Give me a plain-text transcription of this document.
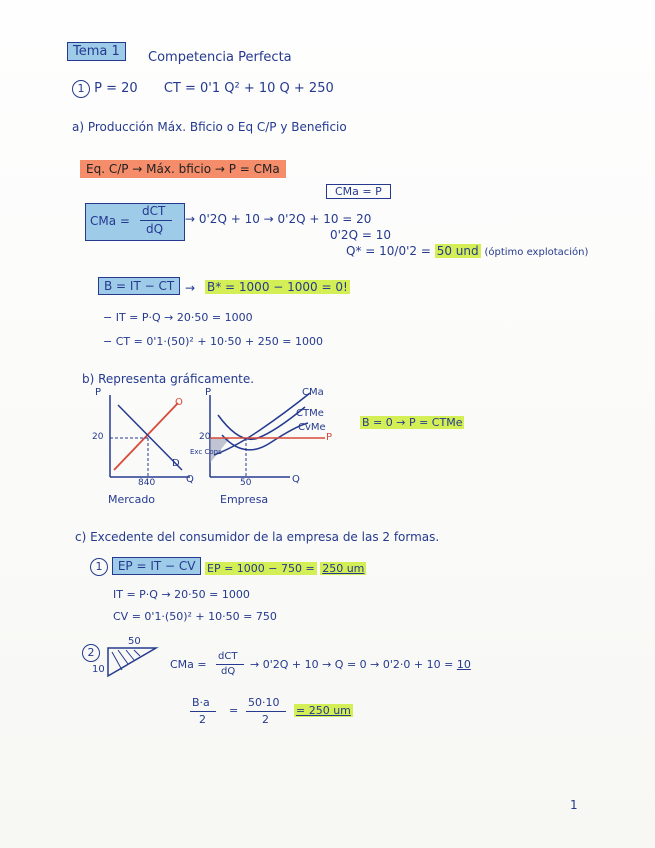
Tema 1	Competencia Perfecta
1 P = 20 CT = 0'1 Q² + 10 Q + 250
a) Producción Máx. Bficio o Eq C/P y Beneficio
Eq. C/P → Máx. bficio → P = CMa
CMa = P
CMa =
dCT
dQ
→ 0'2Q + 10 → 0'2Q + 10 = 20
0'2Q = 10
Q* = 10/0'2 = 50 und (óptimo explotación)
B = IT − CT → B* = 1000 − 1000 = 0!
− IT = P·Q → 20·50 = 1000
− CT = 0'1·(50)² + 10·50 + 250 = 1000
b) Representa gráficamente.
P
O
20
D
840	Q
Mercado
P	CMa
CTMe
CvMe
P
20
Exc Cons
50	Q
Empresa
B = 0 → P = CTMe
c) Excedente del consumidor de la empresa de las 2 formas.
1 EP = IT − CV	EP = 1000 − 750 = 250 um
IT = P·Q → 20·50 = 1000
CV = 0'1·(50)² + 10·50 = 750
2
50
10	CMa =
dCT
dQ
→ 0'2Q + 10 → Q = 0 → 0'2·0 + 10 = 10
B·a
2
=
50·10
2
= 250 um
1
